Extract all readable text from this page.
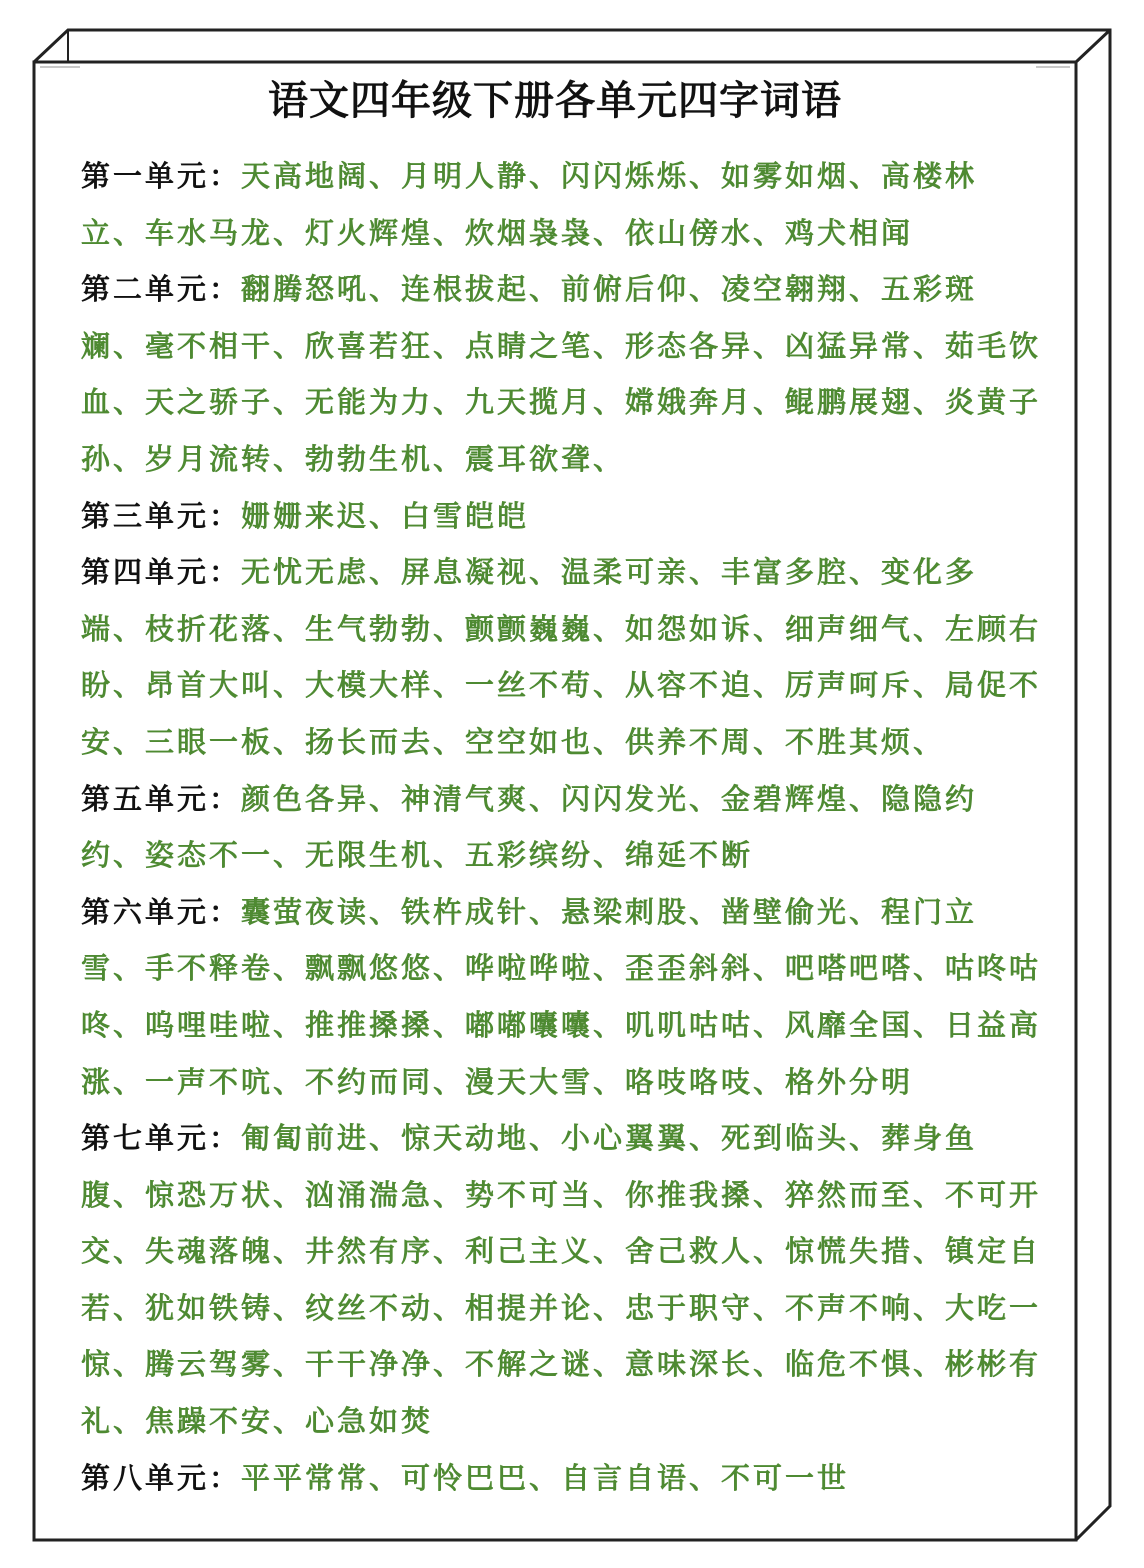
语文四年级下册各单元四字词语
第一单元：天高地阔、月明人静、闪闪烁烁、如雾如烟、高楼林立、车水马龙、灯火辉煌、炊烟袅袅、依山傍水、鸡犬相闻
第二单元：翻腾怒吼、连根拔起、前俯后仰、凌空翱翔、五彩斑斓、毫不相干、欣喜若狂、点睛之笔、形态各异、凶猛异常、茹毛饮血、天之骄子、无能为力、九天揽月、嫦娥奔月、鲲鹏展翅、炎黄子孙、岁月流转、勃勃生机、震耳欲聋、
第三单元：姗姗来迟、白雪皑皑
第四单元：无忧无虑、屏息凝视、温柔可亲、丰富多腔、变化多端、枝折花落、生气勃勃、颤颤巍巍、如怨如诉、细声细气、左顾右盼、昂首大叫、大模大样、一丝不苟、从容不迫、厉声呵斥、局促不安、三眼一板、扬长而去、空空如也、供养不周、不胜其烦、
第五单元：颜色各异、神清气爽、闪闪发光、金碧辉煌、隐隐约约、姿态不一、无限生机、五彩缤纷、绵延不断
第六单元：囊萤夜读、铁杵成针、悬梁刺股、凿壁偷光、程门立雪、手不释卷、飘飘悠悠、哗啦哗啦、歪歪斜斜、吧嗒吧嗒、咕咚咕咚、呜哩哇啦、推推搡搡、嘟嘟囔囔、叽叽咕咕、风靡全国、日益高涨、一声不吭、不约而同、漫天大雪、咯吱咯吱、格外分明
第七单元：匍匐前进、惊天动地、小心翼翼、死到临头、葬身鱼腹、惊恐万状、汹涌湍急、势不可当、你推我搡、猝然而至、不可开交、失魂落魄、井然有序、利己主义、舍己救人、惊慌失措、镇定自若、犹如铁铸、纹丝不动、相提并论、忠于职守、不声不响、大吃一惊、腾云驾雾、干干净净、不解之谜、意味深长、临危不惧、彬彬有礼、焦躁不安、心急如焚
第八单元：平平常常、可怜巴巴、自言自语、不可一世
